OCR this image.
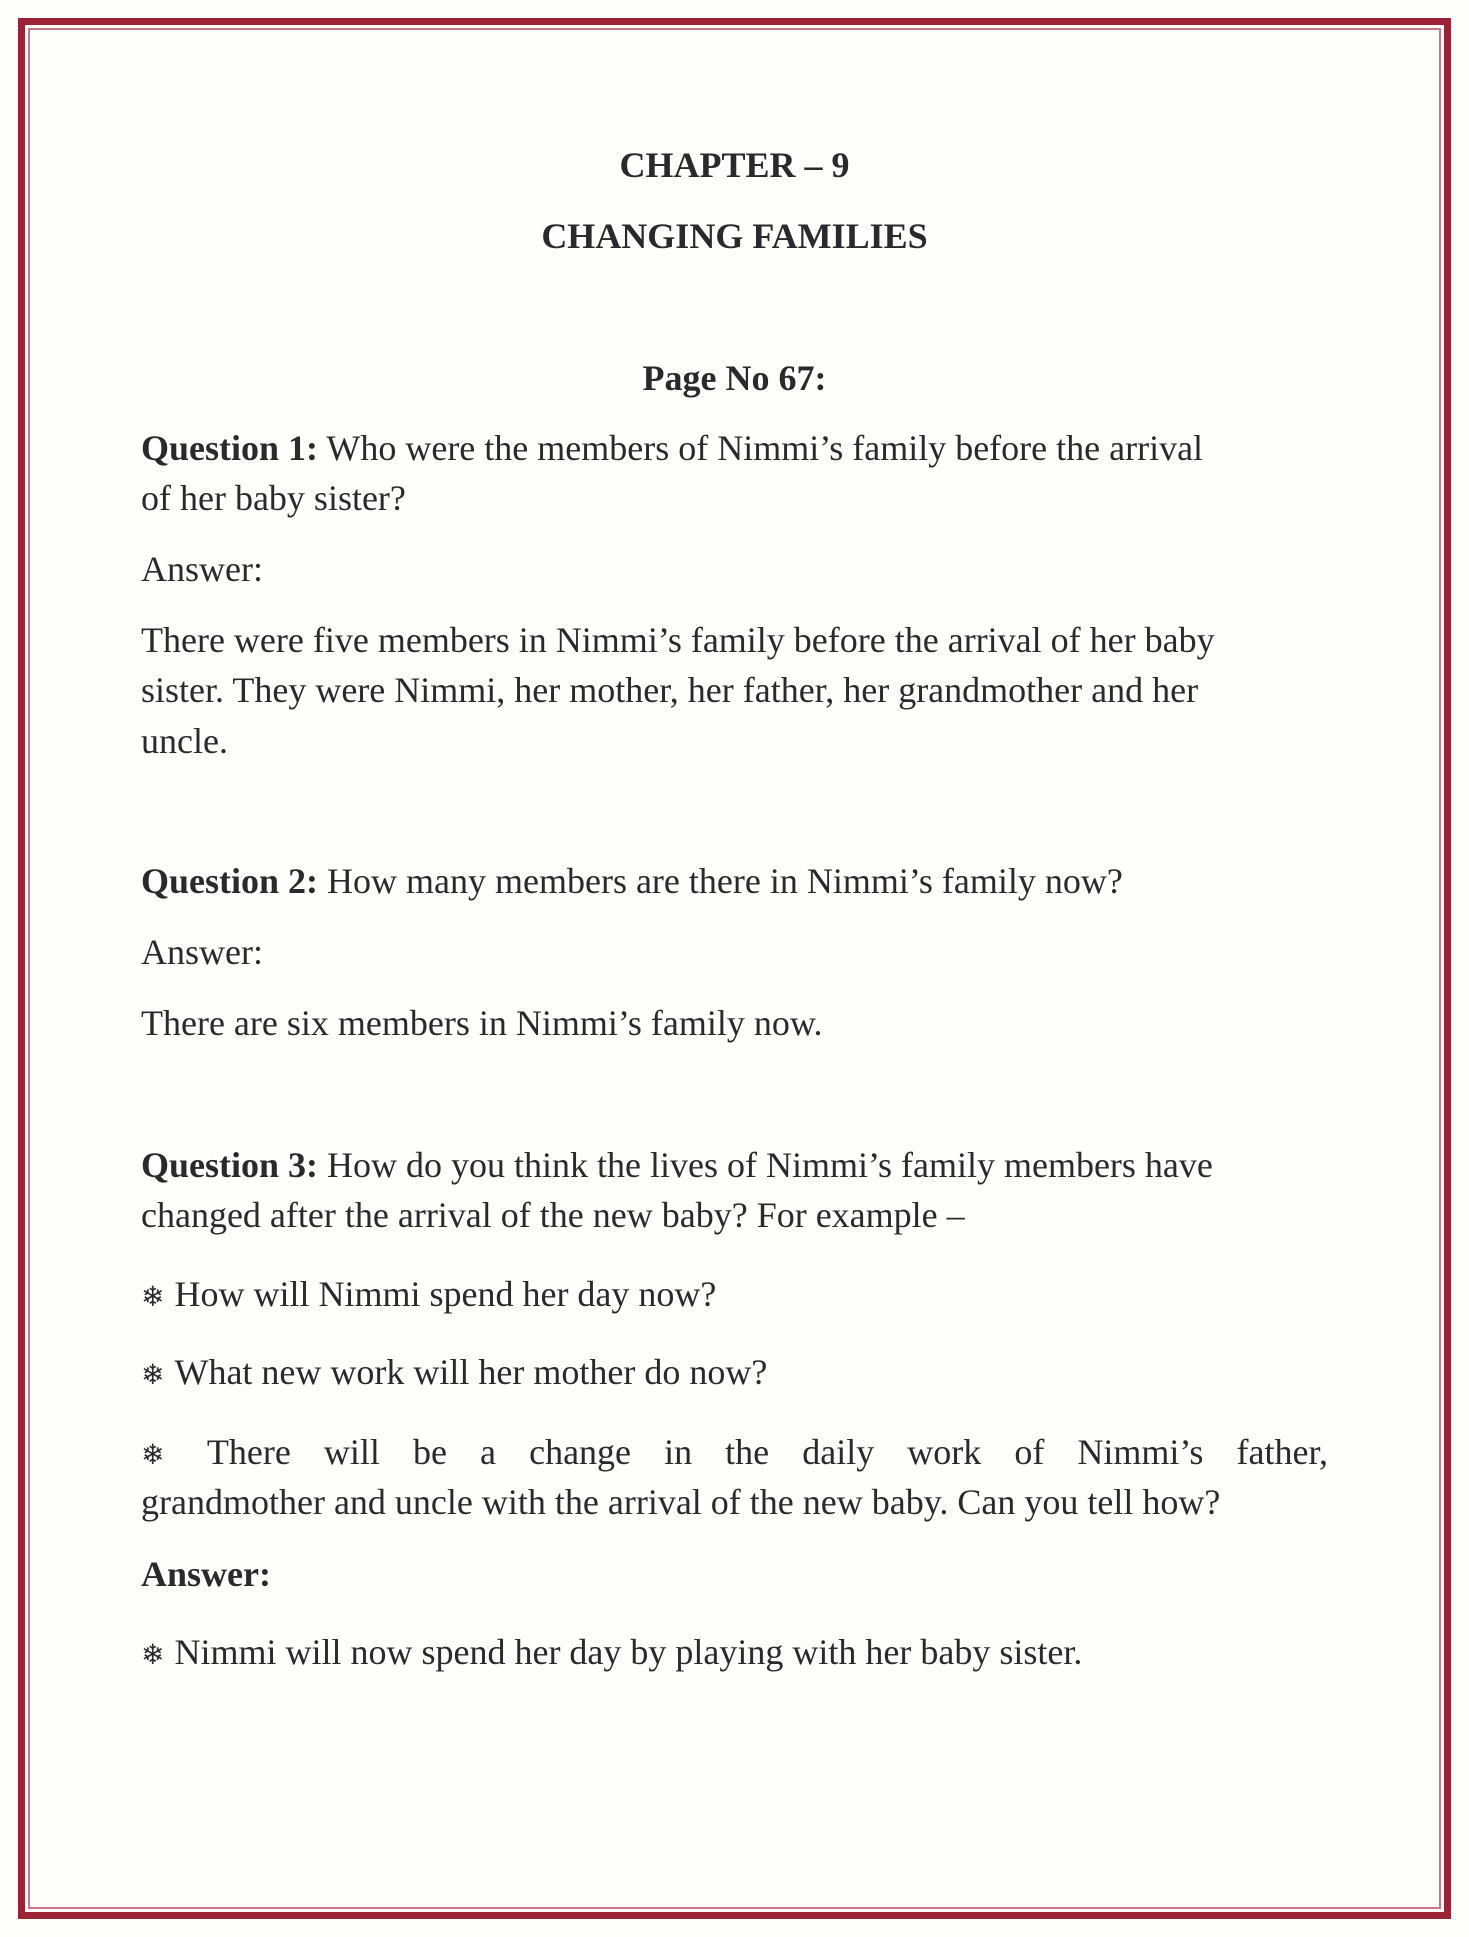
CHAPTER – 9
CHANGING FAMILIES
Page No 67:
Question 1: Who were the members of Nimmi’s family before the arrival
of her baby sister?
Answer:
There were five members in Nimmi’s family before the arrival of her baby
sister. They were Nimmi, her mother, her father, her grandmother and her
uncle.
Question 2: How many members are there in Nimmi’s family now?
Answer:
There are six members in Nimmi’s family now.
Question 3: How do you think the lives of Nimmi’s family members have
changed after the arrival of the new baby? For example –
❄ How will Nimmi spend her day now?
❄ What new work will her mother do now?
❄ There will be a change in the daily work of Nimmi’s father,
grandmother and uncle with the arrival of the new baby. Can you tell how?
Answer:
❄ Nimmi will now spend her day by playing with her baby sister.
